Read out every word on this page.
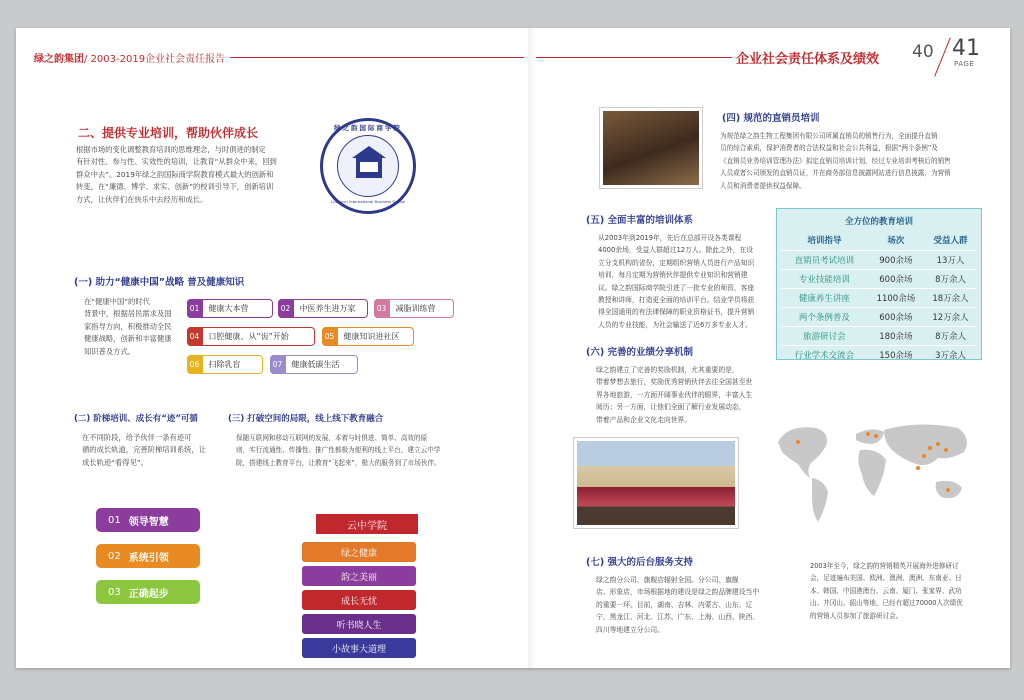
绿之韵集团/ 2003-2019企业社会责任报告	企业社会责任体系及绩效 40 41
PAGE
二、提供专业培训，帮助伙伴成长
根据市场的变化调整教育培训的思维理念，与时俱进的制定
有针对性、参与性、实效性的培训，让教育“从群众中来，回到
群众中去”。2019年绿之韵国际商学院教育模式最大的创新和
转变，在“廉德、博学、求实、创新”的校训引导下，创新培训
方式，让伙伴们在快乐中去经历和成长。
绿之韵国际商学院
Lvzhiyun International Business School
(一) 助力“健康中国”战略 普及健康知识
在“健康中国”的时代
背景中，根据居民需求及国
家指导方向，积极推动全民
健康战略，创新和丰富健康
知识普及方式。
01	健康大本营	02	中医养生进万家	03	减脂训练营
04	口腔健康、从“齿”开始	05	健康知识进社区
06	扫除乳盲	07	健康低碳生活
(二) 阶梯培训、成长有“迹”可循
在不同阶段，给予伙伴一条有迹可
循的成长轨道，完善阶梯培训系统，让
成长轨迹“看得见”。
(三) 打破空间的局限，线上线下教育融合
保随互联网和移动互联网的发展，本着与时俱进、简单、高效的原
则，实行流通性、传播性、推广性都极为便利的线上平台，建立云中学
院，搭建线上教育平台，让教育“飞起来”，极大的服务到了市场伙伴。
01 领导智慧
02 系统引领
03 正确起步
云中学院
绿之健康
韵之美丽
成长无忧
听书晓人生
小故事大道理
(四) 规范的直销员培训
为规范绿之韵生物工程集团有限公司所属直销员的销售行为，全面提升直销
员的综合素质，保护消费者的合法权益和社会公共利益，根据“两个条例”及
《直销员业务培训管理办法》拟定直销员培训计划，经过专业培训考核后的销售
人员或者公司颁发的直销员证，并在商务部信息披露网站进行信息披露，为营销
人员和消费者提供权益保障。
(五) 全面丰富的培训体系
从2003年到2019年，先后在总部开设各类课程
4000余场，受益人群超过12万人。除此之外，在设
立分支机构的省份，定期组织营销人员进行产品知识
培训，每月定期为营销伙伴提供专业知识和营销建
议。绿之韵国际商学院引进了一批专业的师资，客座
教授和讲师，打造更全面的培训平台。结业学员将获
得全国通用的有法律保障的职业资格证书，提升营销
人员的专业技能，为社会输送了近6万多专业人才。
全方位的教育培训
培训指导	场次	受益人群
直销员考试培训	900余场	13万人
专业技能培训	600余场	8万余人
健康养生讲座	1100余场	18万余人
两个条例普及	600余场	12万余人
旅游研讨会	180余场	8万余人
行业学术交流会	150余场	3万余人
(六) 完善的业绩分享机制
绿之韵建立了完善的奖励机制，尤其重要的是，
带着梦想去旅行，奖励优秀营销伙伴去往全国甚至世
界各地旅游，一方面开阔事业伙伴的眼界，丰富人生
阅历；另一方面，让他们全面了解行业发展动态，
带着产品和企业文化走向世界。
(七) 强大的后台服务支持
绿之韵分公司、旗舰店辐射全国。分公司、旗舰
店、形象店，市场根据地的建设是绿之韵品牌建设当中
的重要一环。目前，湖南、吉林、内蒙古、山东、辽
宁、黑龙江、河北、江苏、广东、上海、山西、陕西、
四川等地建立分公司。
2003年至今，绿之韵的营销精英开展海外进修研讨
会，足迹遍布美国、欧洲、澳洲、澳洲、东南亚、日
本、韩国、中国港澳台、云南、厦门、张家界、武功
山、井冈山、韶山等地，已经有超过70000人次绩优
的营销人员参加了旅游研讨会。
